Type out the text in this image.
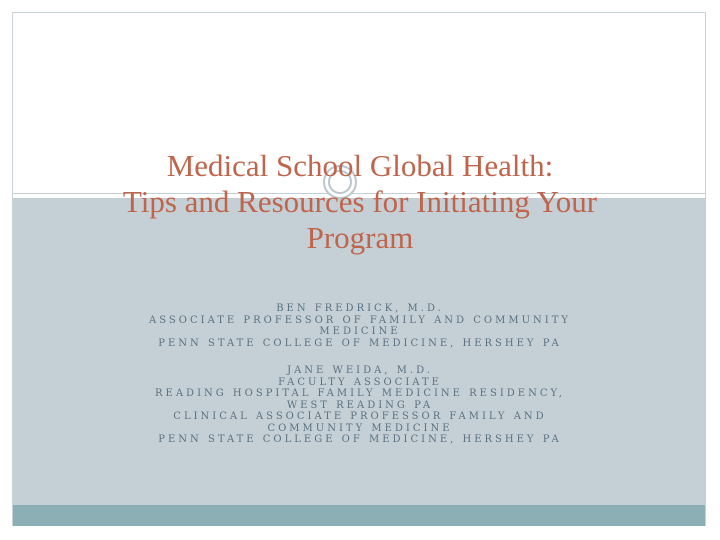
Medical School Global Health:
Tips and Resources for Initiating Your
Program
BEN FREDRICK, M.D.
ASSOCIATE PROFESSOR OF FAMILY AND COMMUNITY
MEDICINE
PENN STATE COLLEGE OF MEDICINE, HERSHEY PA
JANE WEIDA, M.D.
FACULTY ASSOCIATE
READING HOSPITAL FAMILY MEDICINE RESIDENCY,
WEST READING PA
CLINICAL ASSOCIATE PROFESSOR FAMILY AND
COMMUNITY MEDICINE
PENN STATE COLLEGE OF MEDICINE, HERSHEY PA
